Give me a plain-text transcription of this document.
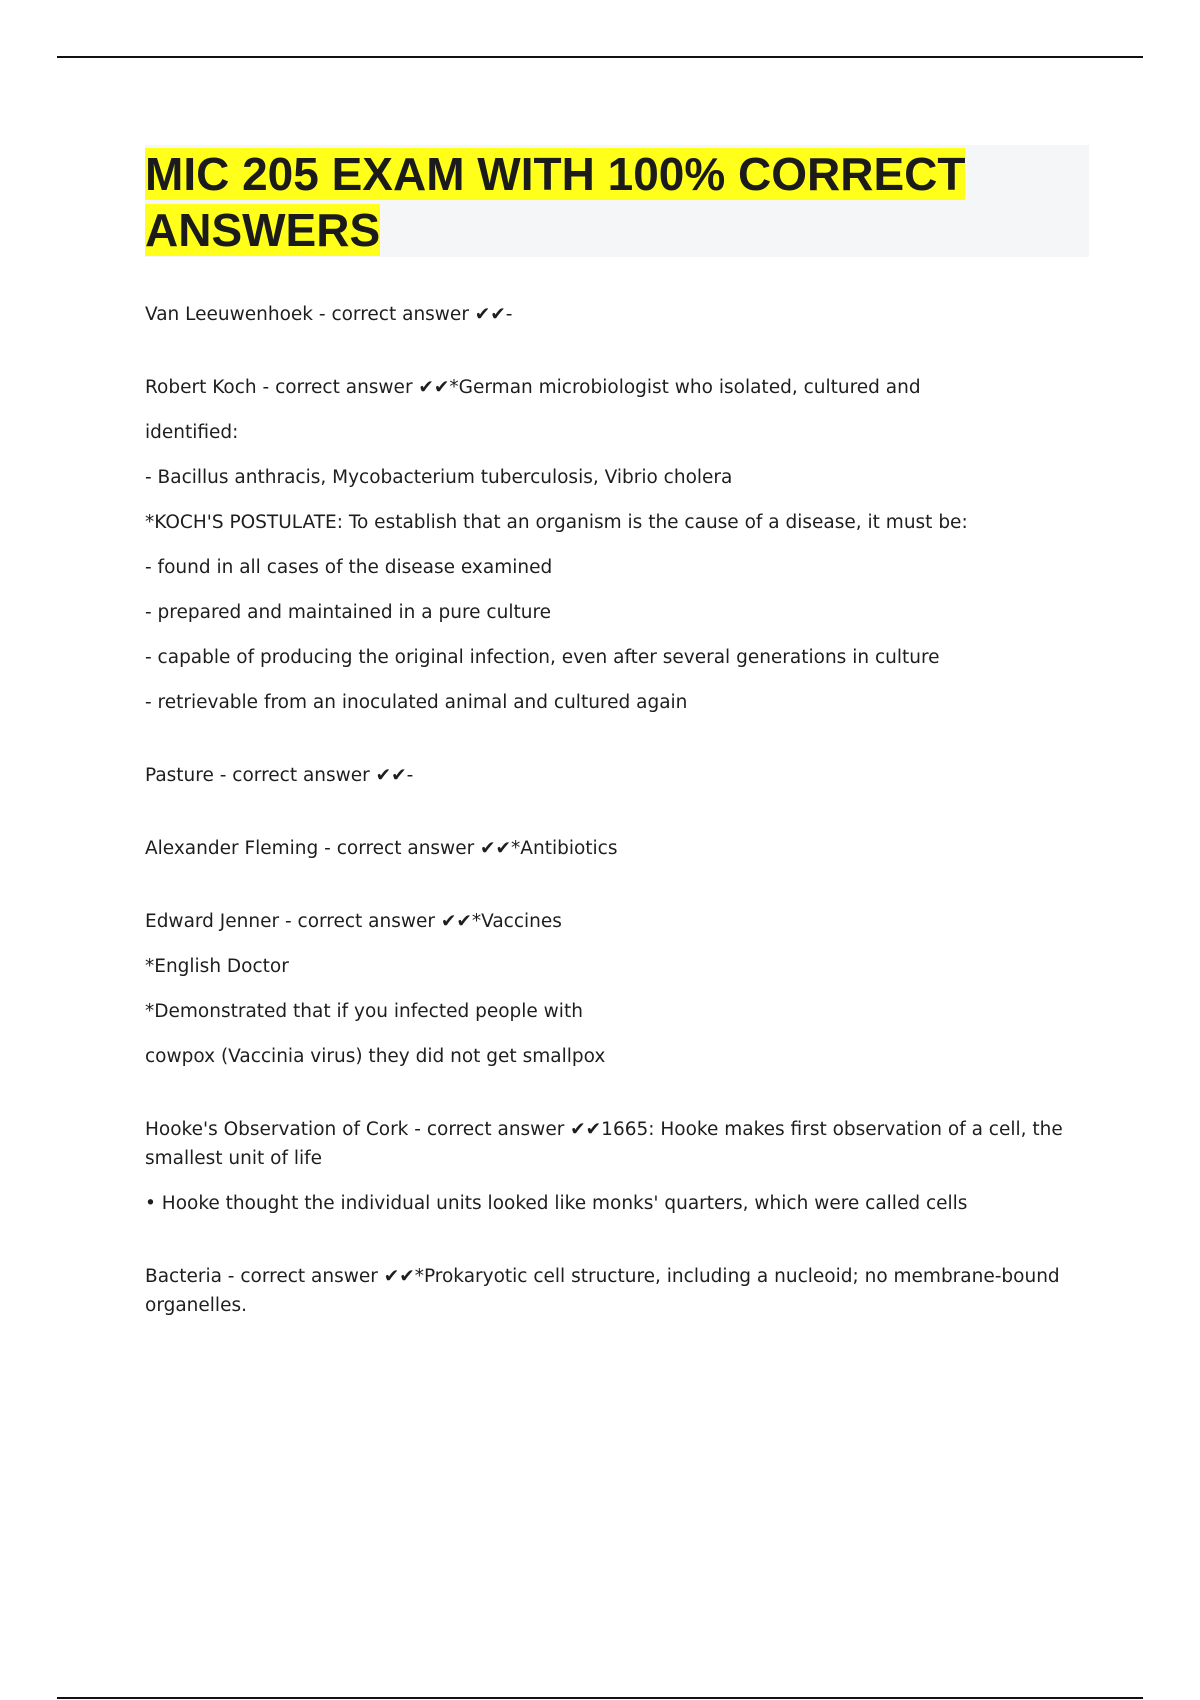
MIC 205 EXAM WITH 100% CORRECT ANSWERS

Van Leeuwenhoek - correct answer ✔✔-

Robert Koch - correct answer ✔✔*German microbiologist who isolated, cultured and

identified:

- Bacillus anthracis, Mycobacterium tuberculosis, Vibrio cholera

*KOCH'S POSTULATE: To establish that an organism is the cause of a disease, it must be:

- found in all cases of the disease examined

- prepared and maintained in a pure culture

- capable of producing the original infection, even after several generations in culture

- retrievable from an inoculated animal and cultured again

Pasture - correct answer ✔✔-

Alexander Fleming - correct answer ✔✔*Antibiotics

Edward Jenner - correct answer ✔✔*Vaccines

*English Doctor

*Demonstrated that if you infected people with

cowpox (Vaccinia virus) they did not get smallpox

Hooke's Observation of Cork - correct answer ✔✔1665: Hooke makes first observation of a cell, the smallest unit of life

• Hooke thought the individual units looked like monks' quarters, which were called cells

Bacteria - correct answer ✔✔*Prokaryotic cell structure, including a nucleoid; no membrane-bound organelles.
